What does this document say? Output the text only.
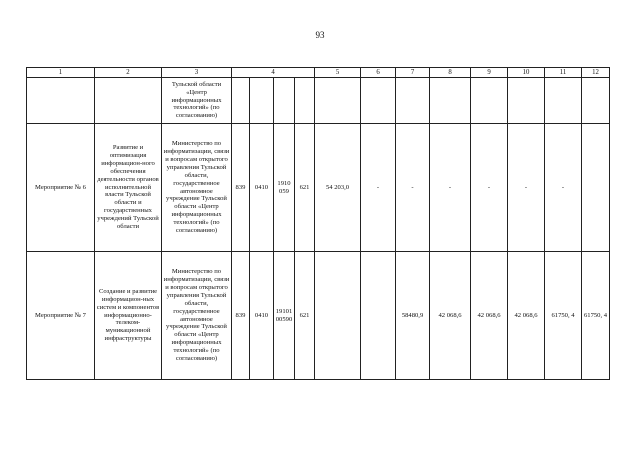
93
1	2	3	4				5	6	7	8	9	10	11	12
		Тульской области «Центр информационных технологий» (по согласованию)												
Мероприятие № 6	Развитие и оптимизация информацион-ного обеспечения деятельности органов исполнительной власти Тульской области и государственных учреждений Тульской области	Министерство по информатизации, связи и вопросам открытого управления Тульской области, государственное автономное учреждение Тульской области «Центр информационных технологий» (по согласованию)	839	0410	1910 059	621	54 203,0	-	-	-	-	-	-	
Мероприятие № 7	Создание и развитие информацион-ных систем и компонентов информационно-телеком-муникационной инфраструктуры	Министерство по информатизации, связи и вопросам открытого управления Тульской области, государственное автономное учреждение Тульской области «Центр информационных технологий» (по согласованию)	839	0410	19101 00590	621			58480,9	42 068,6	42 068,6	42 068,6	61750, 4	61750, 4
